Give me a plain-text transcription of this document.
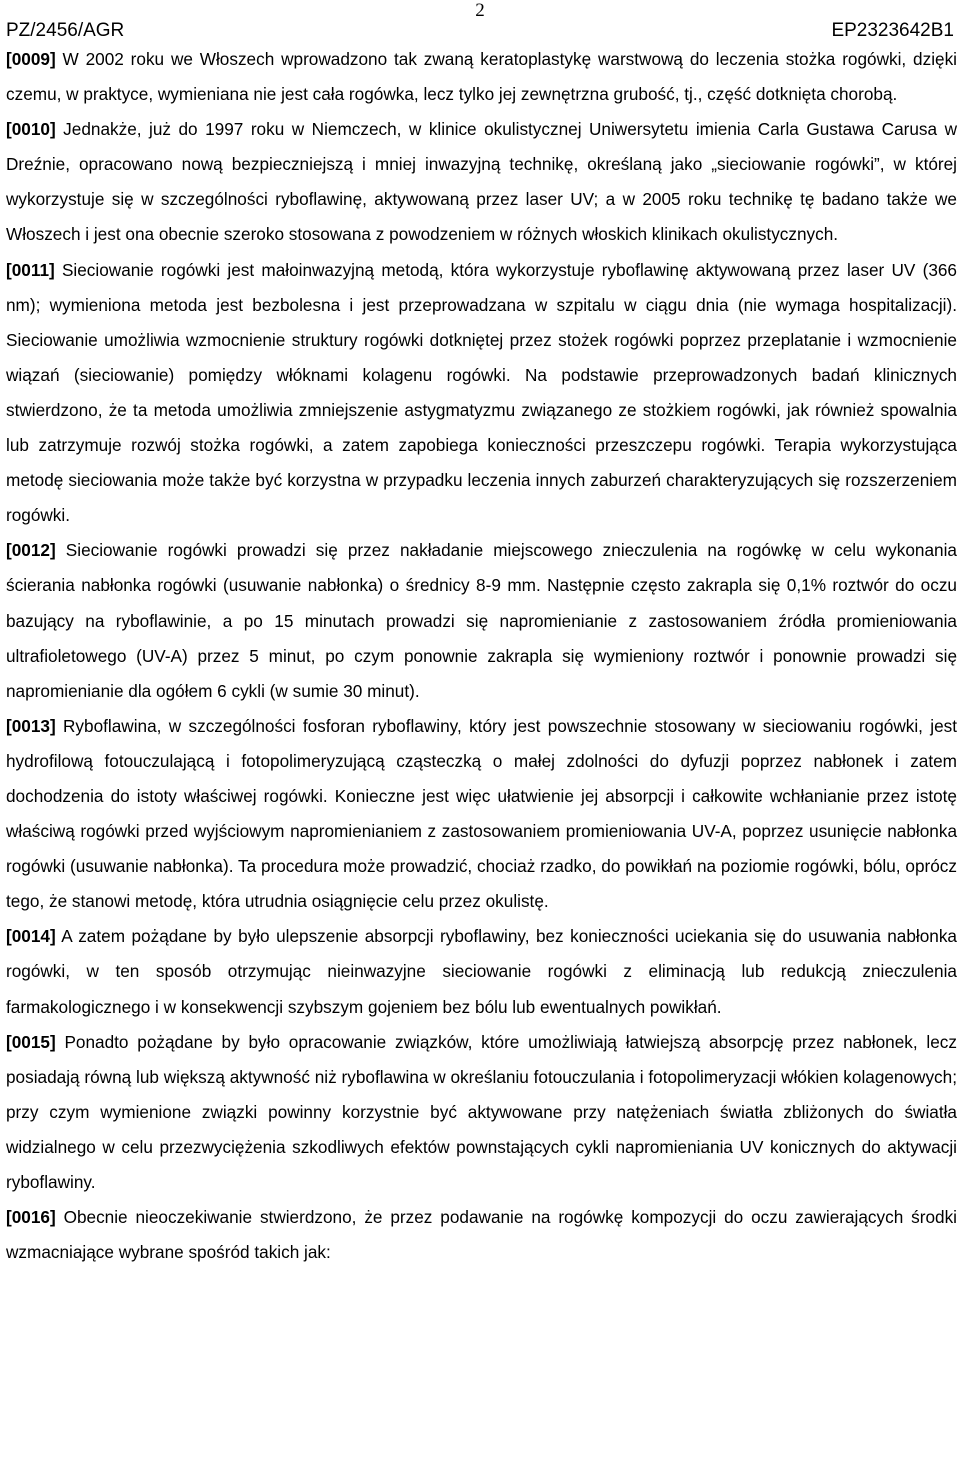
2
PZ/2456/AGR	EP2323642B1

[0009] W 2002 roku we Włoszech wprowadzono tak zwaną keratoplastykę warstwową do leczenia stożka rogówki, dzięki czemu, w praktyce, wymieniana nie jest cała rogówka, lecz tylko jej zewnętrzna grubość, tj., część dotknięta chorobą.

[0010] Jednakże, już do 1997 roku w Niemczech, w klinice okulistycznej Uniwersytetu imienia Carla Gustawa Carusa w Dreźnie, opracowano nową bezpieczniejszą i mniej inwazyjną technikę, określaną jako „sieciowanie rogówki”, w której wykorzystuje się w szczególności ryboflawinę, aktywowaną przez laser UV; a w 2005 roku technikę tę badano także we Włoszech i jest ona obecnie szeroko stosowana z powodzeniem w różnych włoskich klinikach okulistycznych.

[0011] Sieciowanie rogówki jest małoinwazyjną metodą, która wykorzystuje ryboflawinę aktywowaną przez laser UV (366 nm); wymieniona metoda jest bezbolesna i jest przeprowadzana w szpitalu w ciągu dnia (nie wymaga hospitalizacji). Sieciowanie umożliwia wzmocnienie struktury rogówki dotkniętej przez stożek rogówki poprzez przeplatanie i wzmocnienie wiązań (sieciowanie) pomiędzy włóknami kolagenu rogówki. Na podstawie przeprowadzonych badań klinicznych stwierdzono, że ta metoda umożliwia zmniejszenie astygmatyzmu związanego ze stożkiem rogówki, jak również spowalnia lub zatrzymuje rozwój stożka rogówki, a zatem zapobiega konieczności przeszczepu rogówki. Terapia wykorzystująca metodę sieciowania może także być korzystna w przypadku leczenia innych zaburzeń charakteryzujących się rozszerzeniem rogówki.

[0012] Sieciowanie rogówki prowadzi się przez nakładanie miejscowego znieczulenia na rogówkę w celu wykonania ścierania nabłonka rogówki (usuwanie nabłonka) o średnicy 8-9 mm. Następnie często zakrapla się 0,1% roztwór do oczu bazujący na ryboflawinie, a po 15 minutach prowadzi się napromienianie z zastosowaniem źródła promieniowania ultrafioletowego (UV-A) przez 5 minut, po czym ponownie zakrapla się wymieniony roztwór i ponownie prowadzi się napromienianie dla ogółem 6 cykli (w sumie 30 minut).

[0013] Ryboflawina, w szczególności fosforan ryboflawiny, który jest powszechnie stosowany w sieciowaniu rogówki, jest hydrofilową fotouczulającą i fotopolimeryzującą cząsteczką o małej zdolności do dyfuzji poprzez nabłonek i zatem dochodzenia do istoty właściwej rogówki. Konieczne jest więc ułatwienie jej absorpcji i całkowite wchłanianie przez istotę właściwą rogówki przed wyjściowym napromienianiem z zastosowaniem promieniowania UV-A, poprzez usunięcie nabłonka rogówki (usuwanie nabłonka). Ta procedura może prowadzić, chociaż rzadko, do powikłań na poziomie rogówki, bólu, oprócz tego, że stanowi metodę, która utrudnia osiągnięcie celu przez okulistę.

[0014] A zatem pożądane by było ulepszenie absorpcji ryboflawiny, bez konieczności uciekania się do usuwania nabłonka rogówki, w ten sposób otrzymując nieinwazyjne sieciowanie rogówki z eliminacją lub redukcją znieczulenia farmakologicznego i w konsekwencji szybszym gojeniem bez bólu lub ewentualnych powikłań.

[0015] Ponadto pożądane by było opracowanie związków, które umożliwiają łatwiejszą absorpcję przez nabłonek, lecz posiadają równą lub większą aktywność niż ryboflawina w określaniu fotouczulania i fotopolimeryzacji włókien kolagenowych; przy czym wymienione związki powinny korzystnie być aktywowane przy natężeniach światła zbliżonych do światła widzialnego w celu przezwyciężenia szkodliwych efektów pownstających cykli napromieniania UV konicznych do aktywacji ryboflawiny.

[0016] Obecnie nieoczekiwanie stwierdzono, że przez podawanie na rogówkę kompozycji do oczu zawierających środki wzmacniające wybrane spośród takich jak:
